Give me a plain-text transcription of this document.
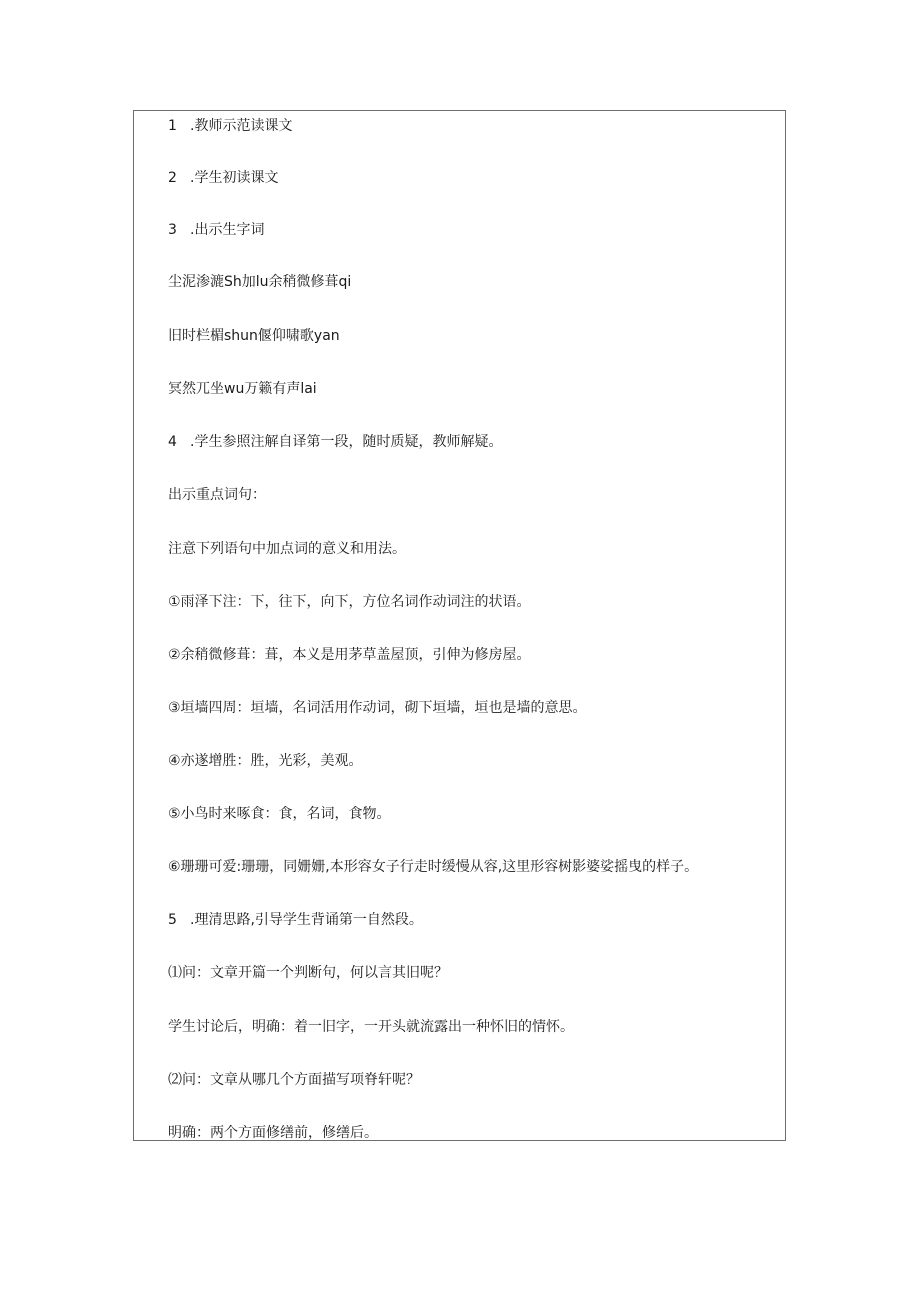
1 .教师示范读课文
2 .学生初读课文
3 .出示生字词
尘泥渗漉Sh加lu余稍微修葺qi
旧时栏楣shun偃仰啸歌yan
冥然兀坐wu万籁有声lai
4 .学生参照注解自译第一段，随时质疑，教师解疑。
出示重点词句：
注意下列语句中加点词的意义和用法。
①雨泽下注：下，往下，向下，方位名词作动词注的状语。
②余稍微修葺：葺，本义是用茅草盖屋顶，引伸为修房屋。
③垣墙四周：垣墙，名词活用作动词，砌下垣墙，垣也是墙的意思。
④亦遂增胜：胜，光彩，美观。
⑤小鸟时来啄食：食，名词，食物。
⑥珊珊可爱:珊珊，同姗姗,本形容女子行走时缓慢从容,这里形容树影婆娑摇曳的样子。
5 .理清思路,引导学生背诵第一自然段。
⑴问：文章开篇一个判断句，何以言其旧呢？
学生讨论后，明确：着一旧字，一开头就流露出一种怀旧的情怀。
⑵问：文章从哪几个方面描写项脊轩呢？
明确：两个方面修缮前，修缮后。
